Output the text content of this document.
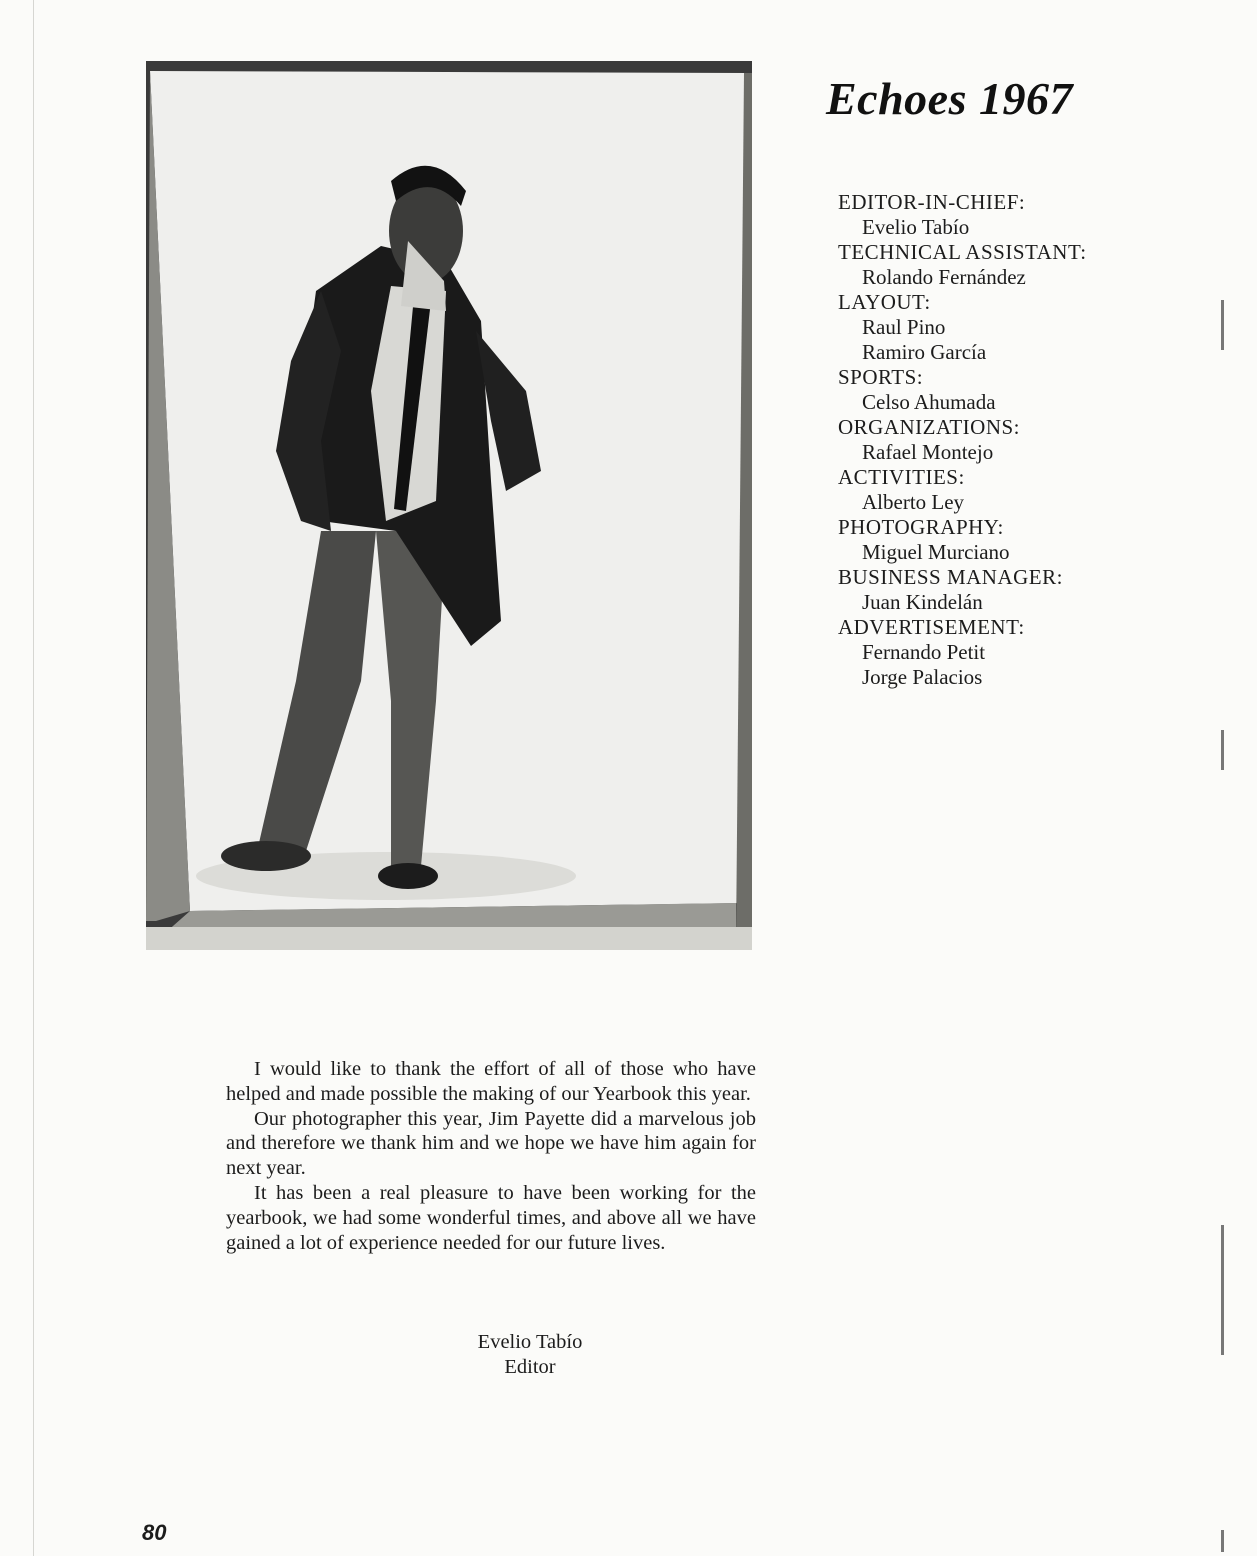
Echoes 1967
EDITOR-IN-CHIEF:
Evelio Tabío
TECHNICAL ASSISTANT:
Rolando Fernández
LAYOUT:
Raul Pino
Ramiro García
SPORTS:
Celso Ahumada
ORGANIZATIONS:
Rafael Montejo
ACTIVITIES:
Alberto Ley
PHOTOGRAPHY:
Miguel Murciano
BUSINESS MANAGER:
Juan Kindelán
ADVERTISEMENT:
Fernando Petit
Jorge Palacios

I would like to thank the effort of all of those who have helped and made possible the making of our Yearbook this year.

Our photographer this year, Jim Payette did a marvelous job and therefore we thank him and we hope we have him again for next year.

It has been a real pleasure to have been working for the yearbook, we had some wonderful times, and above all we have gained a lot of experience needed for our future lives.

Evelio Tabío
Editor
80
